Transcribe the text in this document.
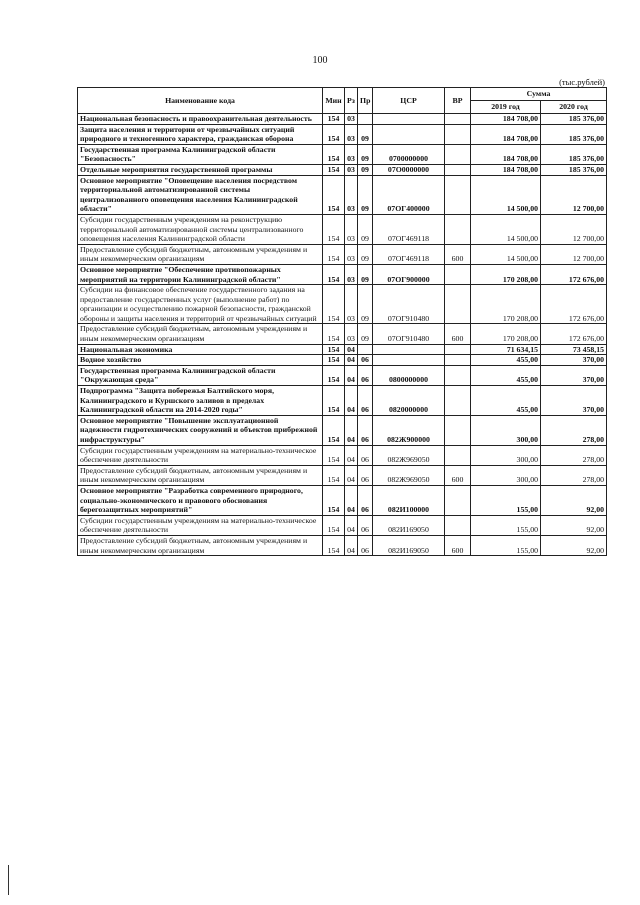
100
(тыс.рублей)
Наименование кода	Мин	Рз	Пр	ЦСР	ВР	Сумма	
						2019 год	2020 год
Национальная безопасность и правоохранительная деятельность	154	03				184 708,00	185 376,00
Защита населения и территории от чрезвычайных ситуаций природного и техногенного характера, гражданская оборона	154	03	09			184 708,00	185 376,00
Государственная программа Калининградской области "Безопасность"	154	03	09	0700000000		184 708,00	185 376,00
Отдельные мероприятия государственной программы	154	03	09	07О0000000		184 708,00	185 376,00
Основное мероприятие "Оповещение населения посредством территориальной автоматизированной системы централизованного оповещения населения Калининградской области"	154	03	09	07ОГ400000		14 500,00	12 700,00
Субсидии государственным учреждениям на реконструкцию территориальной автоматизированной системы централизованного оповещения населения Калининградской области	154	03	09	07ОГ469118		14 500,00	12 700,00
Предоставление субсидий бюджетным, автономным учреждениям и иным некоммерческим организациям	154	03	09	07ОГ469118	600	14 500,00	12 700,00
Основное мероприятие "Обеспечение противопожарных мероприятий на территории Калининградской области"	154	03	09	07ОГ900000		170 208,00	172 676,00
Субсидии на финансовое обеспечение государственного задания на предоставление государственных услуг (выполнение работ) по организации и осуществлению пожарной безопасности, гражданской обороны и защиты населения и территорий от чрезвычайных ситуаций	154	03	09	07ОГ910480		170 208,00	172 676,00
Предоставление субсидий бюджетным, автономным учреждениям и иным некоммерческим организациям	154	03	09	07ОГ910480	600	170 208,00	172 676,00
Национальная экономика	154	04				71 634,15	73 458,15
Водное хозяйство	154	04	06			455,00	370,00
Государственная программа Калининградской области "Окружающая среда"	154	04	06	0800000000		455,00	370,00
Подпрограмма "Защита побережья Балтийского моря, Калининградского и Куршского заливов в пределах Калининградской области на 2014-2020 годы"	154	04	06	0820000000		455,00	370,00
Основное мероприятие "Повышение эксплуатационной надежности гидротехнических сооружений и объектов прибрежной инфраструктуры"	154	04	06	082Ж900000		300,00	278,00
Субсидии государственным учреждениям на материально-техническое обеспечение деятельности	154	04	06	082Ж969050		300,00	278,00
Предоставление субсидий бюджетным, автономным учреждениям и иным некоммерческим организациям	154	04	06	082Ж969050	600	300,00	278,00
Основное мероприятие "Разработка современного природного, социально-экономического и правового обоснования берегозащитных мероприятий"	154	04	06	082И100000		155,00	92,00
Субсидии государственным учреждениям на материально-техническое обеспечение деятельности	154	04	06	082И169050		155,00	92,00
Предоставление субсидий бюджетным, автономным учреждениям и иным некоммерческим организациям	154	04	06	082И169050	600	155,00	92,00
